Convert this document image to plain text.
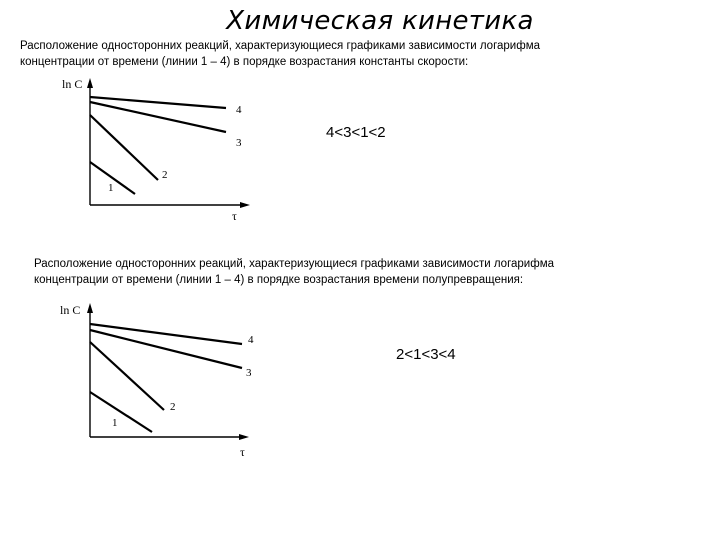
Химическая кинетика
Расположение односторонних реакций, характеризующиеся графиками зависимости логарифма
концентрации от времени (линии 1 – 4) в порядке возрастания константы скорости:
4<3<1<2
Расположение односторонних реакций, характеризующиеся графиками зависимости логарифма
концентрации от времени (линии 1 – 4) в порядке возрастания времени полупревращения:
2<1<3<4
ln C
τ
4
3
2
1
ln C
τ
4
3
2
1
